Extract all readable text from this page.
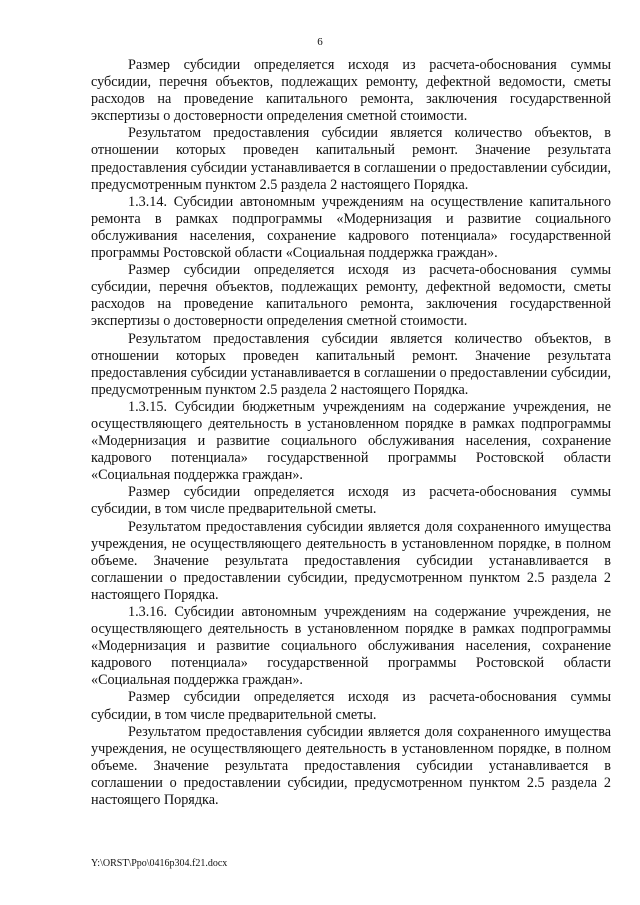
6

Размер субсидии определяется исходя из расчета-обоснования суммы субсидии, перечня объектов, подлежащих ремонту, дефектной ведомости, сметы расходов на проведение капитального ремонта, заключения государственной экспертизы о достоверности определения сметной стоимости.

Результатом предоставления субсидии является количество объектов, в отношении которых проведен капитальный ремонт. Значение результата предоставления субсидии устанавливается в соглашении о предоставлении субсидии, предусмотренным пунктом 2.5 раздела 2 настоящего Порядка.

1.3.14. Субсидии автономным учреждениям на осуществление капитального ремонта в рамках подпрограммы «Модернизация и развитие социального обслуживания населения, сохранение кадрового потенциала» государственной программы Ростовской области «Социальная поддержка граждан».

Размер субсидии определяется исходя из расчета-обоснования суммы субсидии, перечня объектов, подлежащих ремонту, дефектной ведомости, сметы расходов на проведение капитального ремонта, заключения государственной экспертизы о достоверности определения сметной стоимости.

Результатом предоставления субсидии является количество объектов, в отношении которых проведен капитальный ремонт. Значение результата предоставления субсидии устанавливается в соглашении о предоставлении субсидии, предусмотренным пунктом 2.5 раздела 2 настоящего Порядка.

1.3.15. Субсидии бюджетным учреждениям на содержание учреждения, не осуществляющего деятельность в установленном порядке в рамках подпрограммы «Модернизация и развитие социального обслуживания населения, сохранение кадрового потенциала» государственной программы Ростовской области «Социальная поддержка граждан».

Размер субсидии определяется исходя из расчета-обоснования суммы субсидии, в том числе предварительной сметы.

Результатом предоставления субсидии является доля сохраненного имущества учреждения, не осуществляющего деятельность в установленном порядке, в полном объеме. Значение результата предоставления субсидии устанавливается в соглашении о предоставлении субсидии, предусмотренном пунктом 2.5 раздела 2 настоящего Порядка.

1.3.16. Субсидии автономным учреждениям на содержание учреждения, не осуществляющего деятельность в установленном порядке в рамках подпрограммы «Модернизация и развитие социального обслуживания населения, сохранение кадрового потенциала» государственной программы Ростовской области «Социальная поддержка граждан».

Размер субсидии определяется исходя из расчета-обоснования суммы субсидии, в том числе предварительной сметы.

Результатом предоставления субсидии является доля сохраненного имущества учреждения, не осуществляющего деятельность в установленном порядке, в полном объеме. Значение результата предоставления субсидии устанавливается в соглашении о предоставлении субсидии, предусмотренном пунктом 2.5 раздела 2 настоящего Порядка.

Y:\ORST\Ppo\0416p304.f21.docx
